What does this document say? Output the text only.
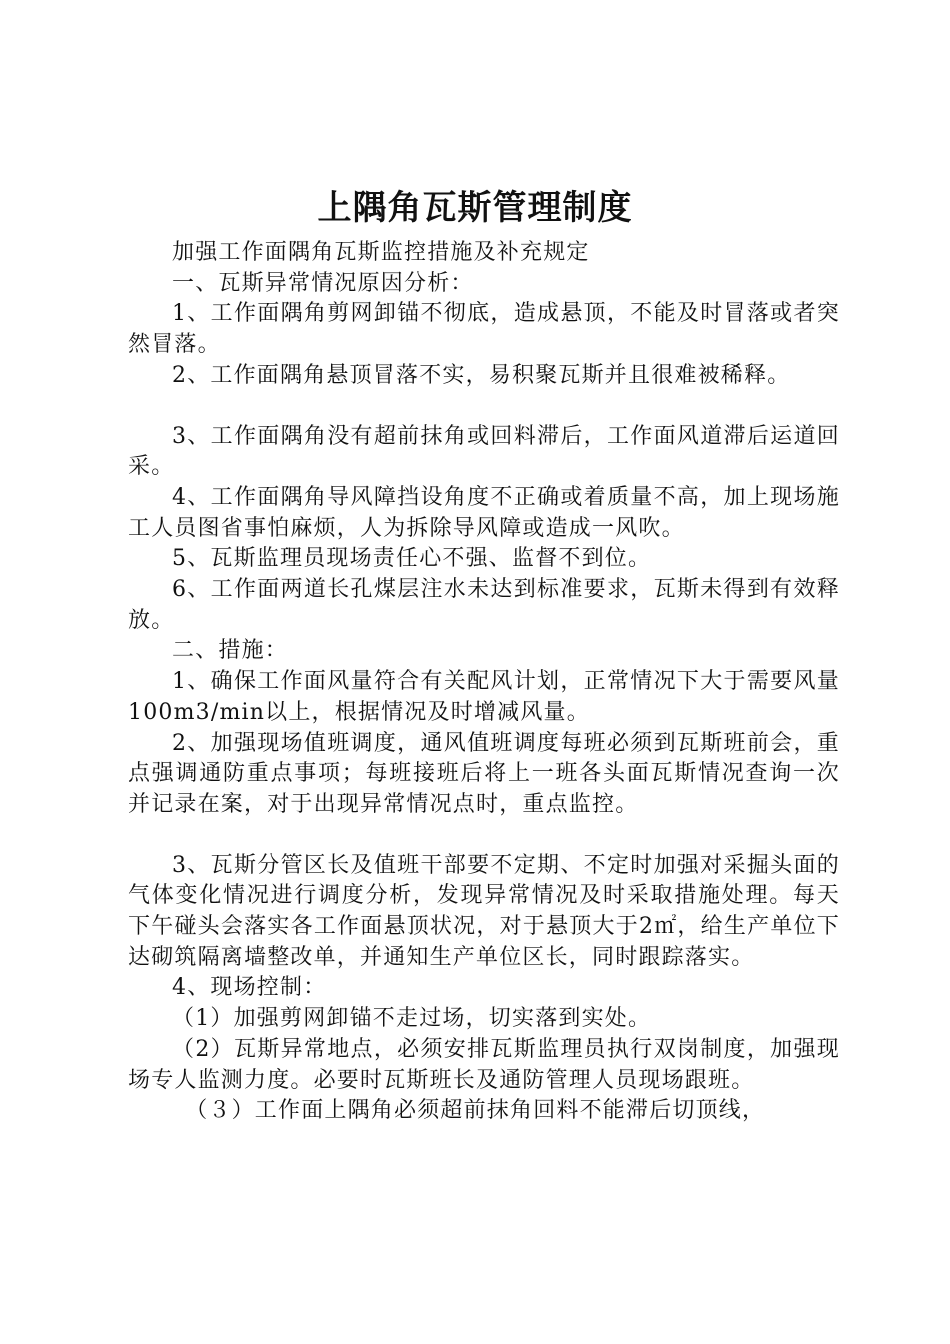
上隅角瓦斯管理制度

加强工作面隅角瓦斯监控措施及补充规定

一、瓦斯异常情况原因分析：

1、工作面隅角剪网卸锚不彻底，造成悬顶，不能及时冒落或者突然冒落。

2、工作面隅角悬顶冒落不实，易积聚瓦斯并且很难被稀释。

3、工作面隅角没有超前抹角或回料滞后，工作面风道滞后运道回采。

4、工作面隅角导风障挡设角度不正确或着质量不高，加上现场施工人员图省事怕麻烦，人为拆除导风障或造成一风吹。

5、瓦斯监理员现场责任心不强、监督不到位。

6、工作面两道长孔煤层注水未达到标准要求，瓦斯未得到有效释放。

二、措施：

1、确保工作面风量符合有关配风计划，正常情况下大于需要风量100m3/min以上，根据情况及时增减风量。

2、加强现场值班调度，通风值班调度每班必须到瓦斯班前会，重点强调通防重点事项；每班接班后将上一班各头面瓦斯情况查询一次并记录在案，对于出现异常情况点时，重点监控。

3、瓦斯分管区长及值班干部要不定期、不定时加强对采掘头面的气体变化情况进行调度分析，发现异常情况及时采取措施处理。每天下午碰头会落实各工作面悬顶状况，对于悬顶大于2㎡，给生产单位下达砌筑隔离墙整改单，并通知生产单位区长，同时跟踪落实。

4、现场控制：

（1）加强剪网卸锚不走过场，切实落到实处。

（2）瓦斯异常地点，必须安排瓦斯监理员执行双岗制度，加强现场专人监测力度。必要时瓦斯班长及通防管理人员现场跟班。

（３）工作面上隅角必须超前抹角回料不能滞后切顶线，
